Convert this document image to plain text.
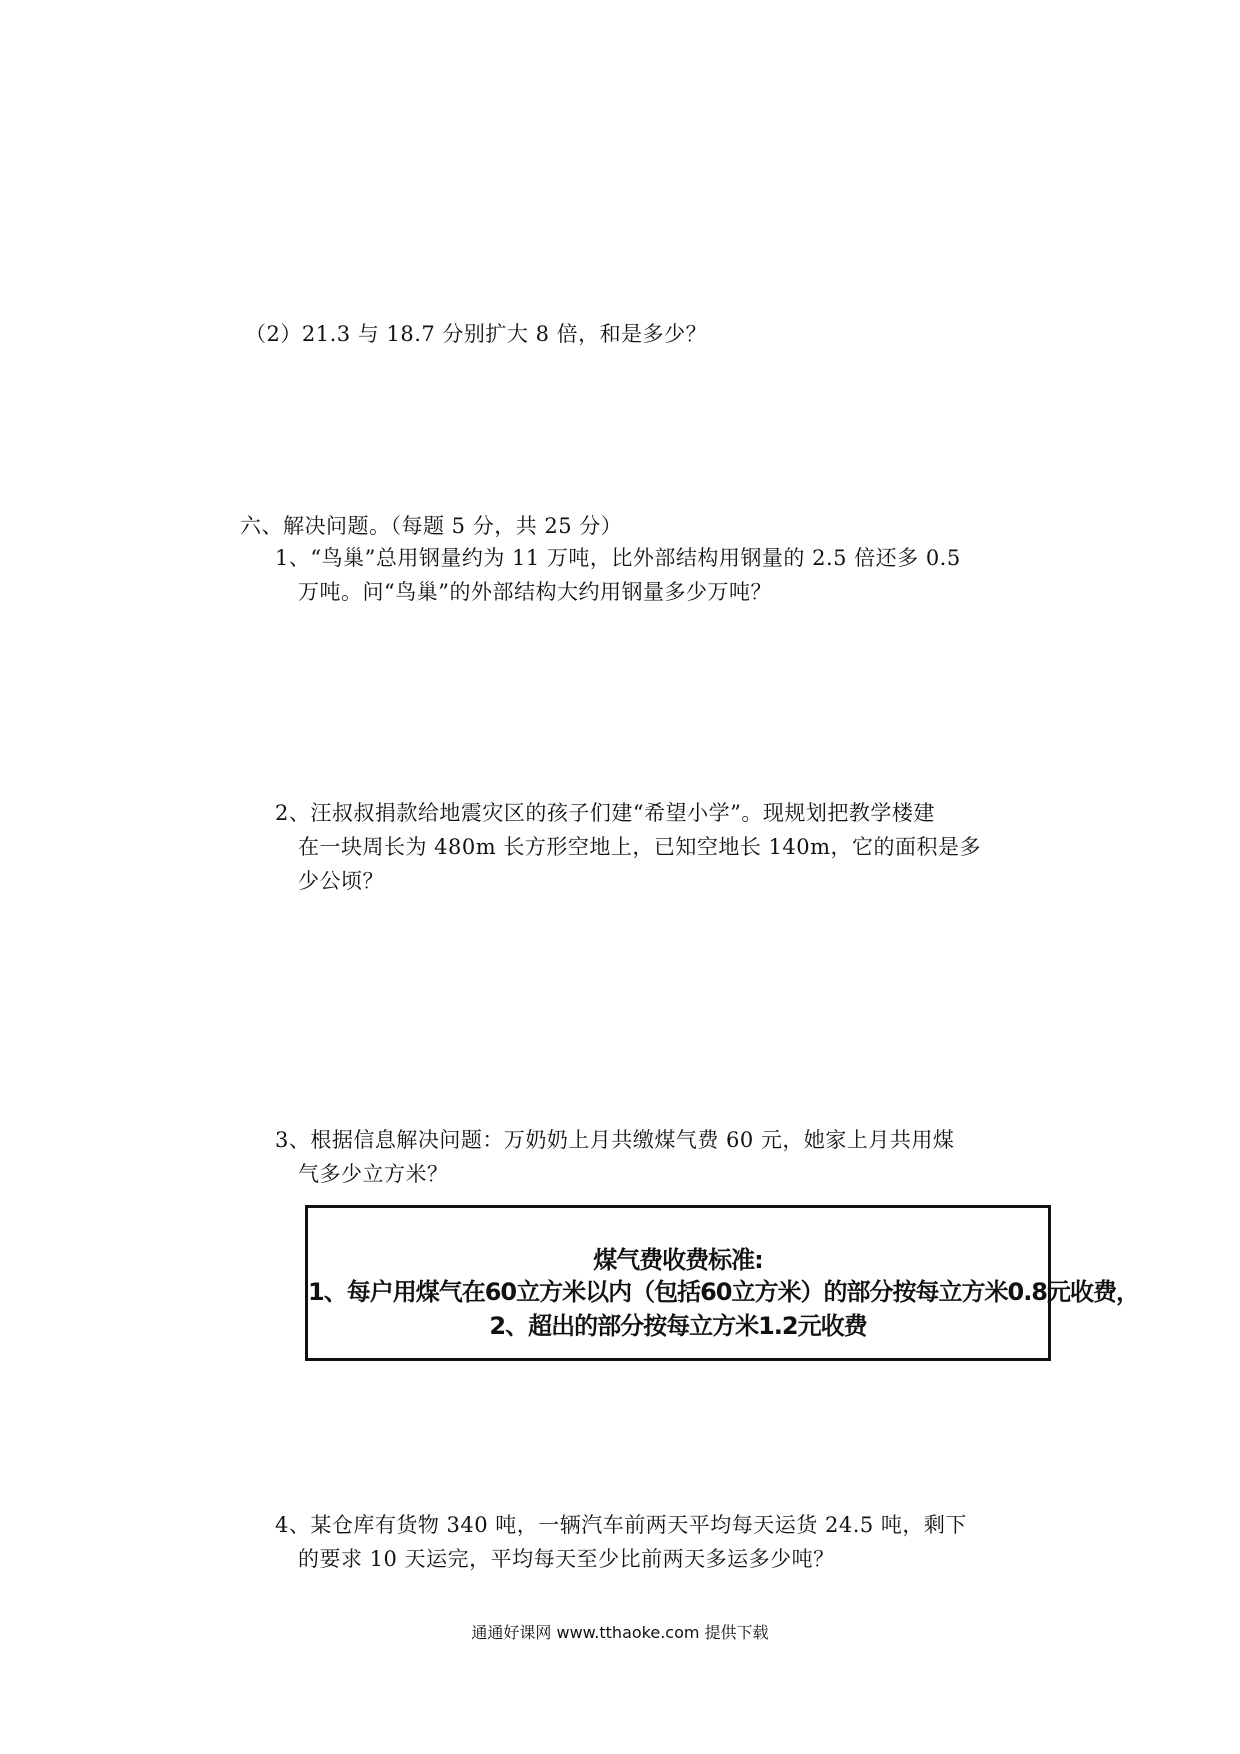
（2）21.3 与 18.7 分别扩大 8 倍，和是多少？
六、解决问题。（每题 5 分，共 25 分）
1、“鸟巢”总用钢量约为 11 万吨，比外部结构用钢量的 2.5 倍还多 0.5
万吨。问“鸟巢”的外部结构大约用钢量多少万吨？
2、汪叔叔捐款给地震灾区的孩子们建“希望小学”。现规划把教学楼建
在一块周长为 480m 长方形空地上，已知空地长 140m，它的面积是多
少公顷？
3、根据信息解决问题：万奶奶上月共缴煤气费 60 元，她家上月共用煤
气多少立方米？
煤气费收费标准:
1、每户用煤气在60立方米以内（包括60立方米）的部分按每立方米0.8元收费，
2、超出的部分按每立方米1.2元收费
4、某仓库有货物 340 吨，一辆汽车前两天平均每天运货 24.5 吨，剩下
的要求 10 天运完，平均每天至少比前两天多运多少吨？
通通好课网 www.tthaoke.com 提供下载
